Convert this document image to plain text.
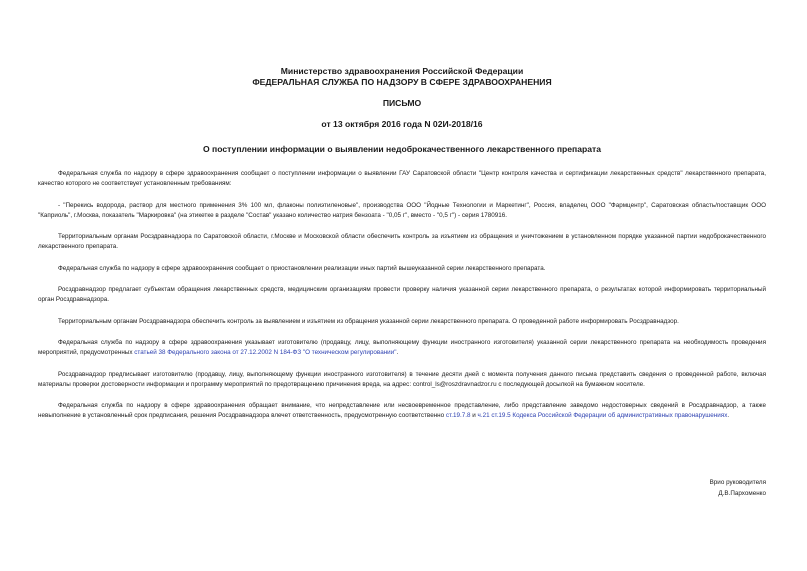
Министерство здравоохранения Российской Федерации
ФЕДЕРАЛЬНАЯ СЛУЖБА ПО НАДЗОРУ В СФЕРЕ ЗДРАВООХРАНЕНИЯ
ПИСЬМО
от 13 октября 2016 года N 02И-2018/16
О поступлении информации о выявлении недоброкачественного лекарственного препарата

Федеральная служба по надзору в сфере здравоохранения сообщает о поступлении информации о выявлении ГАУ Саратовской области "Центр контроля качества и сертификации лекарственных средств" лекарственного препарата, качество которого не соответствует установленным требованиям:

- "Перекись водорода, раствор для местного применения 3% 100 мл, флаконы полиэтиленовые", производства ООО "Йодные Технологии и Маркетинг", Россия, владелец ООО "Фармцентр", Саратовская область/поставщик ООО "Каприоль", г.Москва, показатель "Маркировка" (на этикетке в разделе "Состав" указано количество натрия бензоата - "0,05 г", вместо - "0,5 г") - серия 1780916.

Территориальным органам Росздравнадзора по Саратовской области, г.Москве и Московской области обеспечить контроль за изъятием из обращения и уничтожением в установленном порядке указанной партии недоброкачественного лекарственного препарата.

Федеральная служба по надзору в сфере здравоохранения сообщает о приостановлении реализации иных партий вышеуказанной серии лекарственного препарата.

Росздравнадзор предлагает субъектам обращения лекарственных средств, медицинским организациям провести проверку наличия указанной серии лекарственного препарата, о результатах которой информировать территориальный орган Росздравнадзора.

Территориальным органам Росздравнадзора обеспечить контроль за выявлением и изъятием из обращения указанной серии лекарственного препарата. О проведенной работе информировать Росздравнадзор.

Федеральная служба по надзору в сфере здравоохранения указывает изготовителю (продавцу, лицу, выполняющему функции иностранного изготовителя) указанной серии лекарственного препарата на необходимость проведения мероприятий, предусмотренных статьей 38 Федерального закона от 27.12.2002 N 184-ФЗ "О техническом регулировании".

Росздравнадзор предписывает изготовителю (продавцу, лицу, выполняющему функции иностранного изготовителя) в течение десяти дней с момента получения данного письма представить сведения о проведенной работе, включая материалы проверки достоверности информации и программу мероприятий по предотвращению причинения вреда, на адрес: control_ls@roszdravnadzor.ru с последующей досылкой на бумажном носителе.

Федеральная служба по надзору в сфере здравоохранения обращает внимание, что непредставление или несвоевременное представление, либо представление заведомо недостоверных сведений в Росздравнадзор, а также невыполнение в установленный срок предписания, решения Росздравнадзора влечет ответственность, предусмотренную соответственно ст.19.7.8 и ч.21 ст.19.5 Кодекса Российской Федерации об административных правонарушениях.

Врио руководителя
Д.В.Пархоменко
